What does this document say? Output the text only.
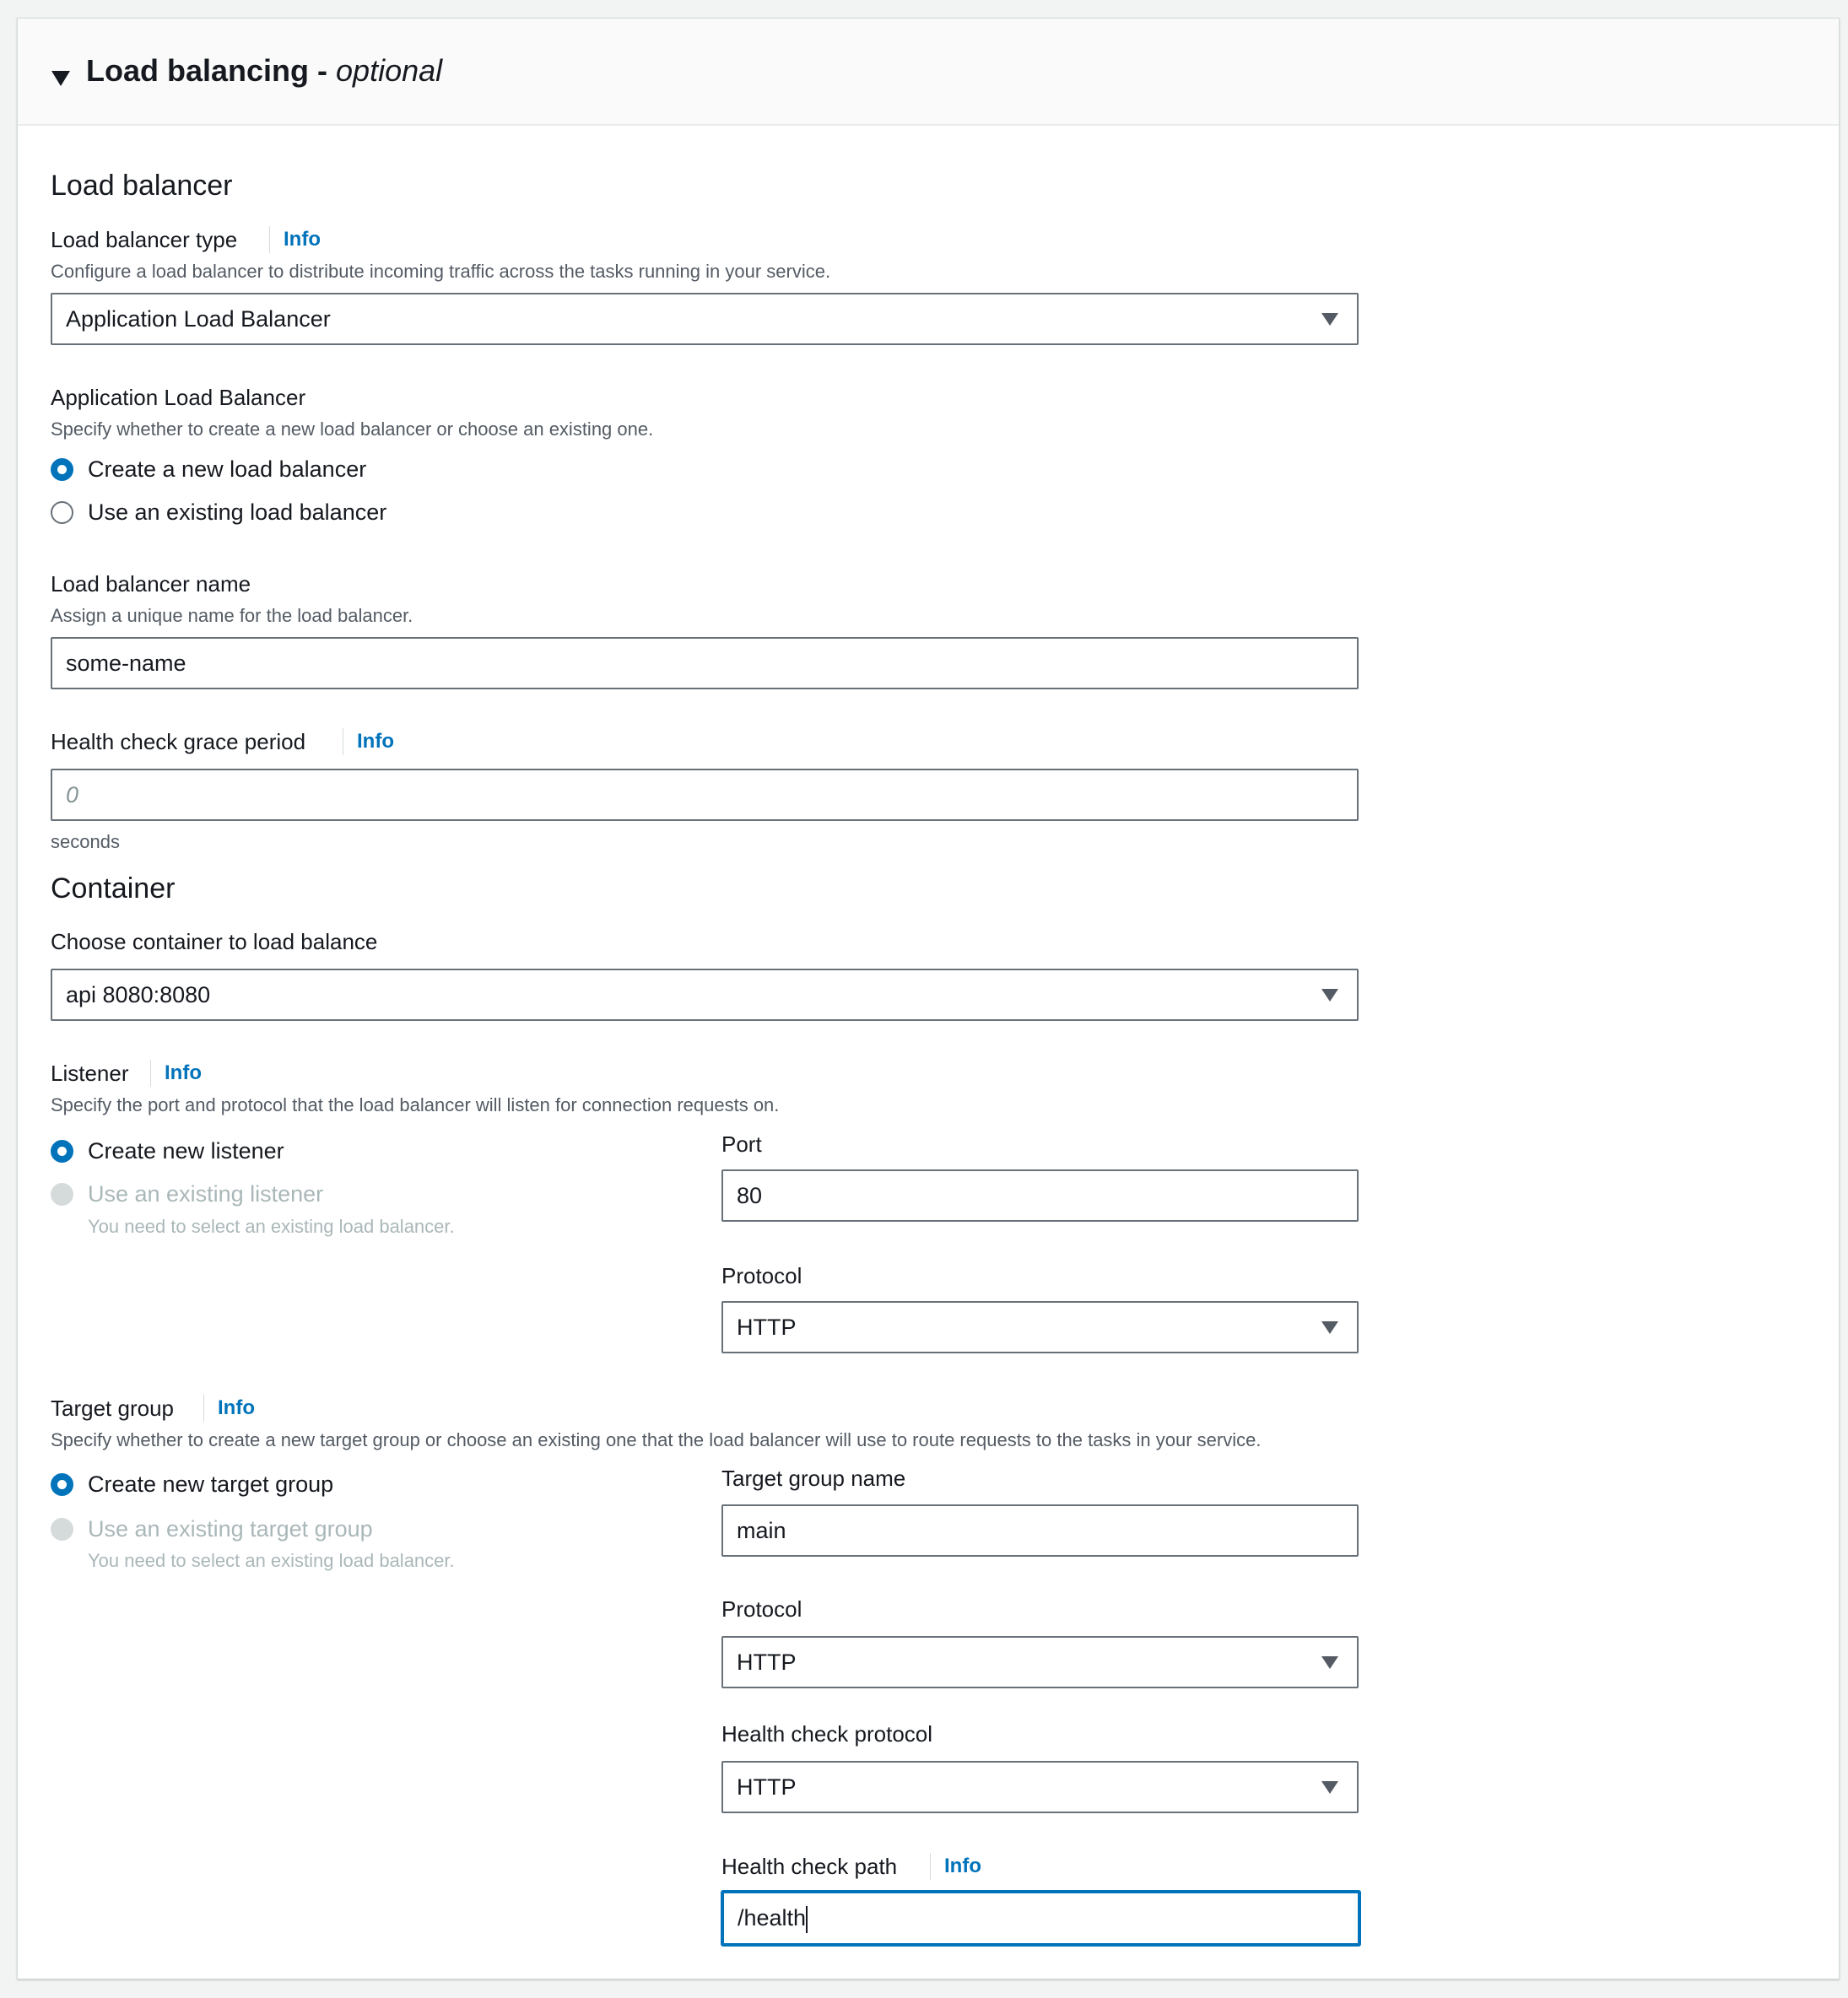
Load balancing - optional
Load balancer
Load balancer type	Info
Configure a load balancer to distribute incoming traffic across the tasks running in your service.
Application Load Balancer
Application Load Balancer
Specify whether to create a new load balancer or choose an existing one.
Create a new load balancer
Use an existing load balancer
Load balancer name
Assign a unique name for the load balancer.
some-name
Health check grace period	Info
0
seconds
Container
Choose container to load balance
api 8080:8080
Listener	Info
Specify the port and protocol that the load balancer will listen for connection requests on.
Create new listener
Use an existing listener
You need to select an existing load balancer.
Port
80
Protocol
HTTP
Target group	Info
Specify whether to create a new target group or choose an existing one that the load balancer will use to route requests to the tasks in your service.
Create new target group
Use an existing target group
You need to select an existing load balancer.
Target group name
main
Protocol
HTTP
Health check protocol
HTTP
Health check path	Info
/health
